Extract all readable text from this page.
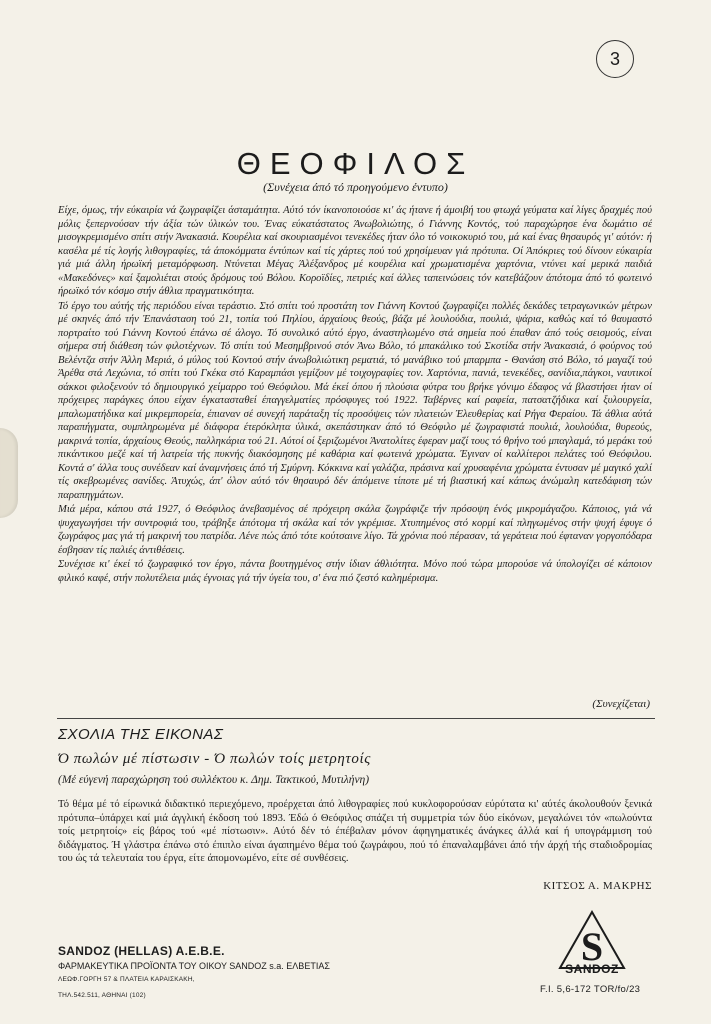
3
ΘΕΟΦΙΛΟΣ
(Συνέχεια άπό τό προηγούμενο έντυπο)

Είχε, όμως, τήν εύκαιρία νά ζωγραφίζει άσταμάτητα. Αύτό τόν ίκανοποιούσε κι' άς ήτανε ή άμοιβή του φτωχά γεύματα καί λίγες δραχμές πού μόλις ξεπερνούσαν τήν άξία τών ύλικών του. Ένας εύκατάστατος Άνωβολιώτης, ό Γιάννης Κοντός, τού παραχώρησε ένα δωμάτιο σέ μισογκρεμισμένο σπίτι στήν Άνακασιά. Κουρέλια καί σκουριασμένοι τενεκέδες ήταν όλο τό νοικοκυριό του, μά καί ένας θησαυρός γι' αύτόν: ή κασέλα μέ τίς λογής λιθογραφίες, τά άποκόμματα έντύπων καί τίς χάρτες πού τού χρησίμευαν γιά πρότυπα. Οί Άπόκριες τού δίνουν εύκαιρία γιά μιά άλλη ήρωϊκή μεταμόρφωση. Ντύνεται Μέγας Άλέξανδρος μέ κουρέλια καί χρωματισμένα χαρτόνια, ντύνει καί μερικά παιδιά «Μακεδόνες» καί ξαμολιέται στούς δρόμους τού Βόλου. Κοροϊδίες, πετριές καί άλλες ταπεινώσεις τόν κατεβάζουν άπότομα άπό τό φωτεινό ήρωϊκό τόν κόσμο στήν άθλια πραγματικότητα.

Τό έργο του αύτής τής περιόδου είναι τεράστιο. Στό σπίτι τού προστάτη τον Γιάννη Κοντού ζωγραφίζει πολλές δεκάδες τετραγωνικών μέτρων μέ σκηνές άπό τήν Έπανάσταση τού 21, τοπία τού Πηλίου, άρχαίους θεούς, βάζα μέ λουλούδια, πουλιά, ψάρια, καθώς καί τό θαυμαστό πορτραίτο τού Γιάννη Κοντού έπάνω σέ άλογο. Τό συνολικό αύτό έργο, άναστηλωμένο στά σημεία πού έπαθαν άπό τούς σεισμούς, είναι σήμερα στή διάθεση τών φιλοτέχνων. Τό σπίτι τού Μεσημβρινού στόν Άνω Βόλο, τό μπακάλικο τού Σκοτίδα στήν Άνακασιά, ό φούρνος τού Βελέντζα στήν Άλλη Μεριά, ό μύλος τού Κοντού στήν άνωβολιώτικη ρεματιά, τό μανάβικο τού μπαρμπα - Θανάση στό Βόλο, τό μαγαζί τού Άρέθα στά Λεχώνια, τό σπίτι τού Γκέκα στό Καραμπάσι γεμίζουν μέ τοιχογραφίες τον. Χαρτόνια, πανιά, τενεκέδες, σανίδια,πάγκοι, ναυτικοί σάκκοι φιλοξενούν τό δημιουργικό χείμαρρο τού Θεόφιλου. Μά έκεί όπου ή πλούσια φύτρα του βρήκε γόνιμο έδαφος νά βλαστήσει ήταν οί πρόχειρες παράγκες όπου είχαν έγκατασταθεί έπαγγελματίες πρόσφυγες τού 1922. Ταβέρνες καί ραφεία, πατσατζήδικα καί ξυλουργεία, μπαλωματήδικα καί μικρεμπορεία, έπιαναν σέ συνεχή παράταξη τίς προσόψεις τών πλατειών Έλευθερίας καί Ρήγα Φεραίου. Τά άθλια αύτά παραπήγματα, συμπληρωμένα μέ διάφορα έτερόκλητα ύλικά, σκεπάστηκαν άπό τό Θεόφιλο μέ ζωγραφιστά πουλιά, λουλούδια, θυρεούς, μακρινά τοπία, άρχαίους Θεούς, παλληκάρια τού 21. Αύτοί οί ξεριζωμένοι Άνατολίτες έφεραν μαζί τους τό θρήνο τού μπαγλαμά, τό μεράκι τού πικάντικου μεζέ καί τή λατρεία τής πυκνής διακόσμησης μέ καθάρια καί φωτεινά χρώματα. Έγιναν οί καλλίτεροι πελάτες τού Θεόφιλου. Κοντά σ' άλλα τους συνέδεαν καί άναμνήσεις άπό τή Σμύρνη. Κόκκινα καί γαλάζια, πράσινα καί χρυσαφένια χρώματα έντυσαν μέ μαγικό χαλί τίς σκεβρωμένες σανίδες. Άτυχώς, άπ' όλον αύτό τόν θησαυρό δέν άπόμεινε τίποτε μέ τή βιαστική καί κάπως άνώμαλη κατεδάφιση τών παραπηγμάτων.

Μιά μέρα, κάπου στά 1927, ό Θεόφιλος άνεβασμένος σέ πρόχειρη σκάλα ζωγράφιζε τήν πρόσοψη ένός μικρομάγαζου. Κάποιος, γιά νά ψυχαγωγήσει τήν συντροφιά του, τράβηξε άπότομα τή σκάλα καί τόν γκρέμισε. Χτυπημένος στό κορμί καί πληγωμένος στήν ψυχή έφυγε ό ζωγράφος μας γιά τή μακρινή του πατρίδα. Λένε πώς άπό τότε κούτσαινε λίγο. Τά χρόνια πού πέρασαν, τά γεράτεια πού έφταναν γοργοπόδαρα έσβησαν τίς παλιές άντιθέσεις.

Συνέχισε κι' έκεί τό ζωγραφικό τον έργο, πάντα βουτηγμένος στήν ίδιαν άθλιότητα. Μόνο πού τώρα μπορούσε νά ύπολογίζει σέ κάποιον φιλικό καφέ, στήν πολυτέλεια μιάς έγνοιας γιά τήν ύγεία του, σ' ένα πιό ζεστό καλημέρισμα.

(Συνεχίζεται)
ΣΧΟΛΙΑ ΤΗΣ ΕΙΚΟΝΑΣ
Ό πωλών μέ πίστωσιν - Ό πωλών τοίς μετρητοίς
(Μέ εύγενή παραχώρηση τού συλλέκτου κ. Δημ. Τακτικού, Μυτιλήνη)
Τό θέμα μέ τό είρωνικά διδακτικό περιεχόμενο, προέρχεται άπό λιθογραφίες πού κυκλοφορούσαν εύρύτατα κι' αύτές άκολουθούν ξενικά πρότυπα–ύπάρχει καί μιά άγγλική έκδοση τού 1893. Έδώ ό Θεόφιλος σπάζει τή συμμετρία τών δύο είκόνων, μεγαλώνει τόν «πωλούντα τοίς μετρητοίς» είς βάρος τού «μέ πίστωσιν». Αύτό δέν τό έπέβαλαν μόνον άφηγηματικές άνάγκες άλλά καί ή υπογράμμιση τού διδάγματος. Ή γλάστρα έπάνω στό έπιπλο είναι άγαπημένο θέμα τού ζωγράφου, πού τό έπαναλαμβάνει άπό τήν άρχή τής σταδιοδρομίας του ώς τά τελευταία του έργα, είτε άπομονωμένο, είτε σέ συνθέσεις.
ΚΙΤΣΟΣ Α. ΜΑΚΡΗΣ
SANDOZ (HELLAS) A.E.B.E.
ΦΑΡΜΑΚΕΥΤΙΚΑ ΠΡΟΪΟΝΤΑ ΤΟΥ ΟΙΚΟΥ SANDOZ s.a. ΕΛΒΕΤΙΑΣ
ΛΕΩΦ.ΓΟΡΓΗ 57 & ΠΛΑΤΕΙΑ ΚΑΡΑΙΣΚΑΚΗ,
ΤΗΛ.542.511, ΑΘΗΝΑΙ (102)
S
SANDOZ
F.I. 5,6-172 TOR/fo/23
